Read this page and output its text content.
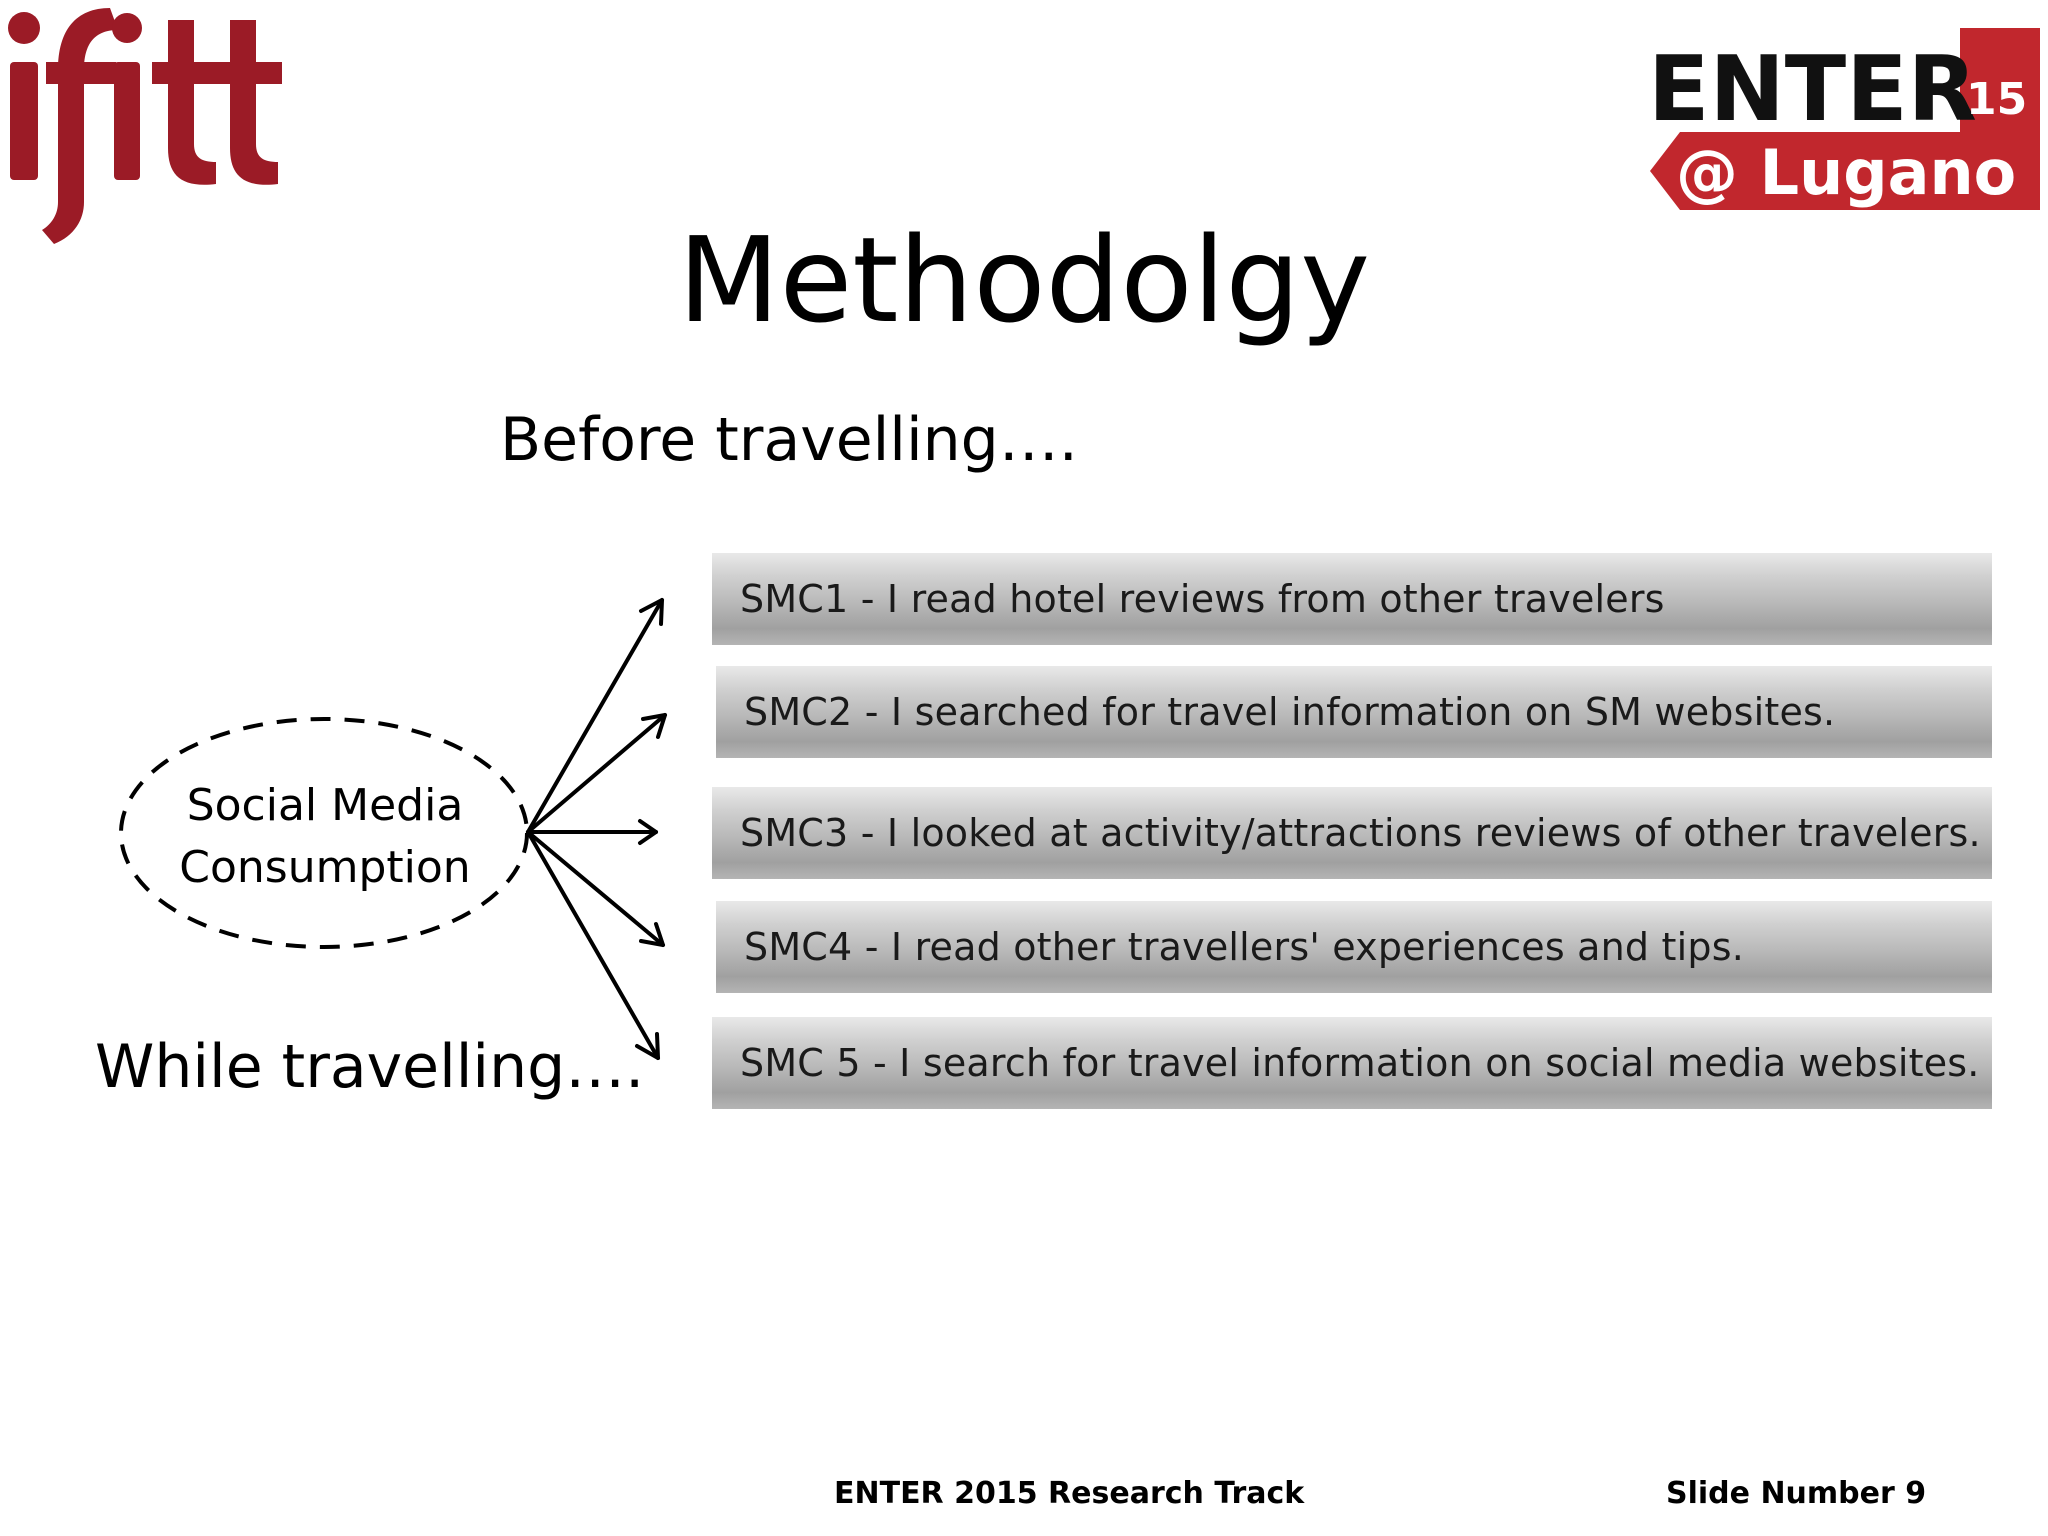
ENTER
15
@ Lugano
Methodolgy
Before travelling….
SMC1 - I read hotel reviews from other travelers
SMC2 - I searched for travel information on SM websites.
SMC3 - I looked at activity/attractions reviews of other travelers.
SMC4 - I read other travellers' experiences and tips.
SMC 5 - I search for travel information on social media websites.
Social Media
Consumption
While travelling….
ENTER 2015 Research Track	Slide Number 9
